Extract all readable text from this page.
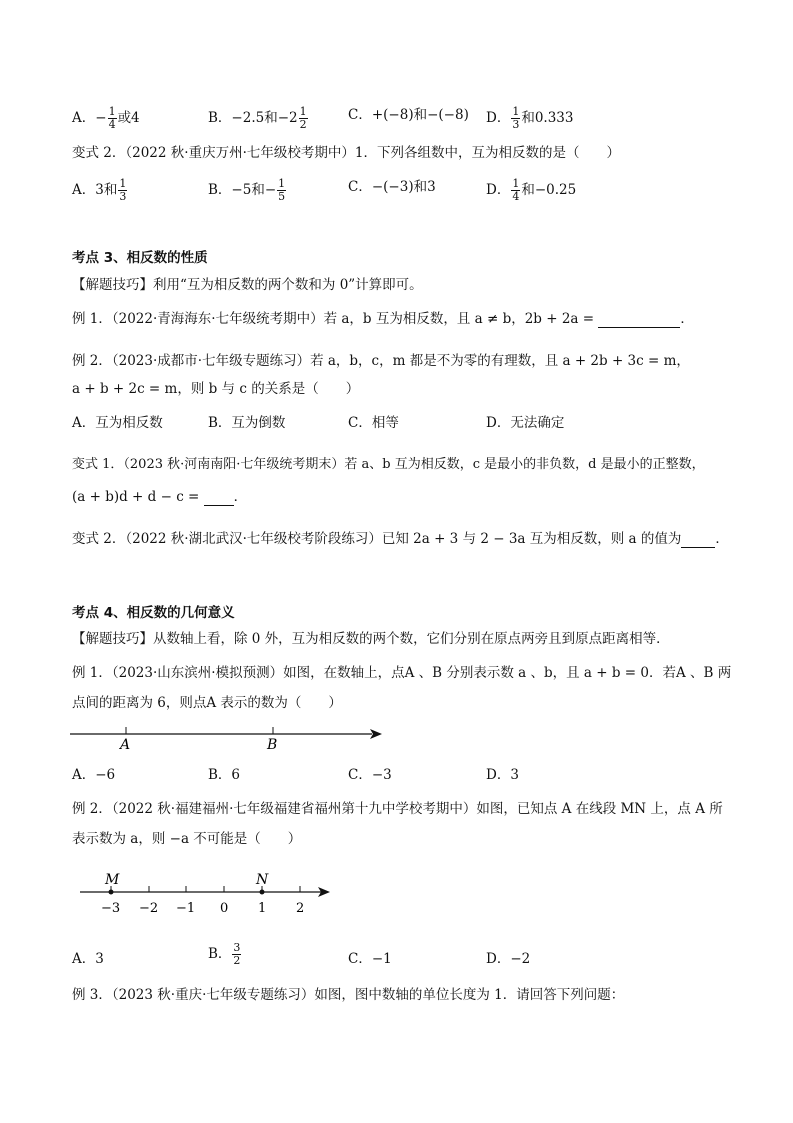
A．− $\frac{1}{4}$ 或4	B．−2.5和$-2 \frac{1}{2}$	C．+(−8)和−(−8) D． $\frac{1}{3}$ 和0.333
变式 2．（2022 秋·重庆万州·七年级校考期中）1．下列各组数中，互为相反数的是（　　）
A．3和 $\frac{1}{3}$	B．−5和− $\frac{1}{5}$	C．−(−3)和3	D． $\frac{1}{4}$ 和−0.25
考点 3、相反数的性质
【解题技巧】利用“互为相反数的两个数和为 0”计算即可。
例 1．（2022·青海海东·七年级统考期中）若 a，b 互为相反数，且 a ≠ b，2b + 2a =	．
例 2．（2023·成都市·七年级专题练习）若 a，b，c，m 都是不为零的有理数，且 a + 2b + 3c = m，
a + b + 2c = m，则 b 与 c 的关系是（　　）
A．互为相反数	B．互为倒数	C．相等	D．无法确定
变式 1．（2023 秋·河南南阳·七年级统考期末）若 a、b 互为相反数，c 是最小的非负数，d 是最小的正整数，
(a + b)d + d − c =	．
变式 2．（2022 秋·湖北武汉·七年级校考阶段练习）已知 2a + 3 与 2 − 3a 互为相反数，则 a 的值为	．
考点 4、相反数的几何意义
【解题技巧】从数轴上看，除 0 外，互为相反数的两个数，它们分别在原点两旁且到原点距离相等．
例 1．（2023·山东滨州·模拟预测）如图，在数轴上，点A 、B 分别表示数 a 、b，且 a + b = 0．若A 、B 两
点间的距离为 6，则点A 表示的数为（　　）
A	B
A．−6	B．6	C．−3	D．3
例 2．（2022 秋·福建福州·七年级福建省福州第十九中学校考期中）如图，已知点 A 在线段 MN 上，点 A 所
表示数为 a，则 −a 不可能是（　　）
M	N
−3 −2 −1 0 1 2
A．3	B． $\frac{3}{2}$	C．−1	D．−2
例 3．（2023 秋·重庆·七年级专题练习）如图，图中数轴的单位长度为 1．请回答下列问题：
